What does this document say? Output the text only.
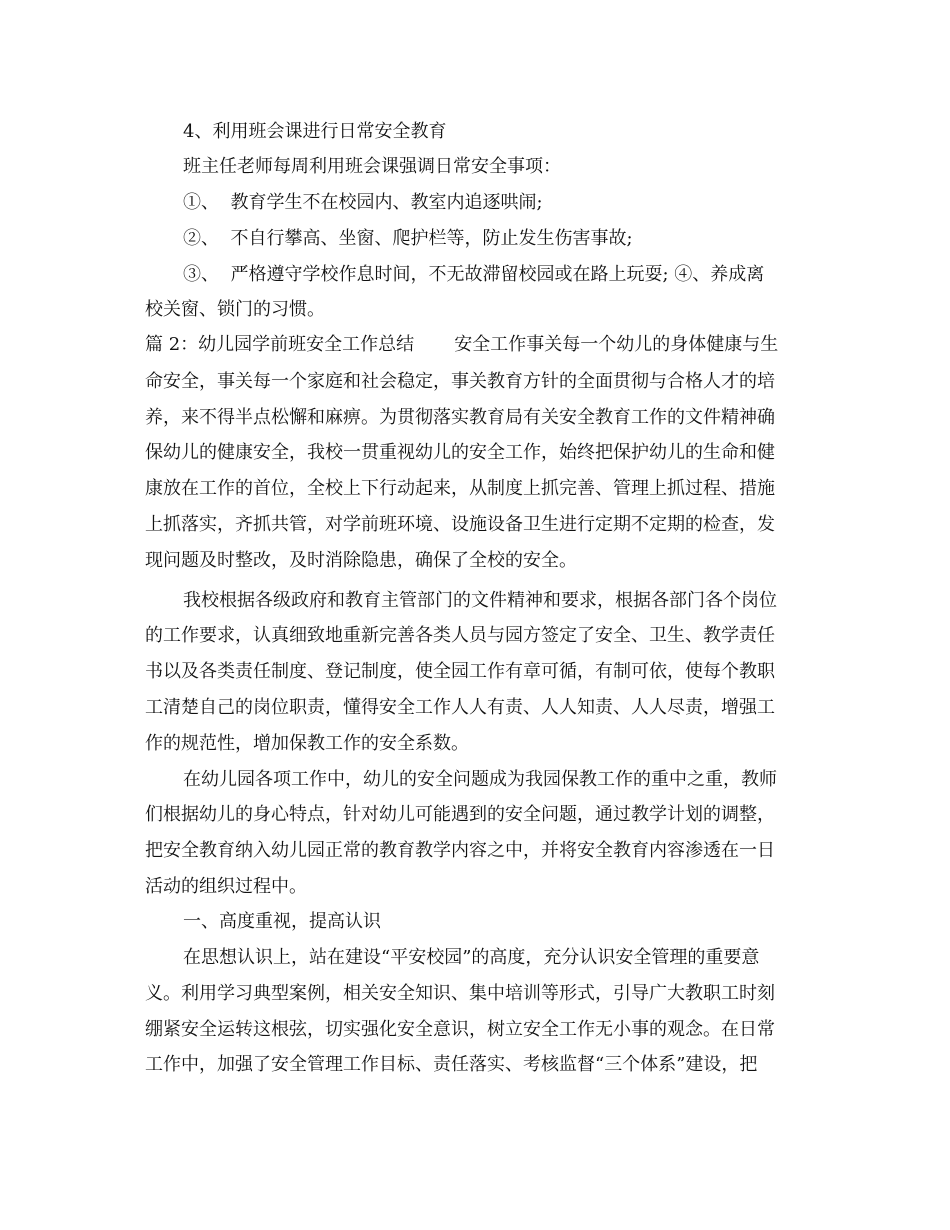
4、利用班会课进行日常安全教育
班主任老师每周利用班会课强调日常安全事项：
①、  教育学生不在校园内、教室内追逐哄闹;
②、  不自行攀高、坐窗、爬护栏等，防止发生伤害事故;
③、  严格遵守学校作息时间，不无故滞留校园或在路上玩耍; ④、养成离
校关窗、锁门的习惯。
篇 2：幼儿园学前班安全工作总结       安全工作事关每一个幼儿的身体健康与生
命安全，事关每一个家庭和社会稳定，事关教育方针的全面贯彻与合格人才的培
养，来不得半点松懈和麻痹。为贯彻落实教育局有关安全教育工作的文件精神确
保幼儿的健康安全，我校一贯重视幼儿的安全工作，始终把保护幼儿的生命和健
康放在工作的首位，全校上下行动起来，从制度上抓完善、管理上抓过程、措施
上抓落实，齐抓共管，对学前班环境、设施设备卫生进行定期不定期的检查，发
现问题及时整改，及时消除隐患，确保了全校的安全。
我校根据各级政府和教育主管部门的文件精神和要求，根据各部门各个岗位
的工作要求，认真细致地重新完善各类人员与园方签定了安全、卫生、教学责任
书以及各类责任制度、登记制度，使全园工作有章可循，有制可依，使每个教职
工清楚自己的岗位职责，懂得安全工作人人有责、人人知责、人人尽责，增强工
作的规范性，增加保教工作的安全系数。
在幼儿园各项工作中，幼儿的安全问题成为我园保教工作的重中之重，教师
们根据幼儿的身心特点，针对幼儿可能遇到的安全问题，通过教学计划的调整，
把安全教育纳入幼儿园正常的教育教学内容之中，并将安全教育内容渗透在一日
活动的组织过程中。
一、高度重视，提高认识
在思想认识上，站在建设“平安校园”的高度，充分认识安全管理的重要意
义。利用学习典型案例，相关安全知识、集中培训等形式，引导广大教职工时刻
绷紧安全运转这根弦，切实强化安全意识，树立安全工作无小事的观念。在日常
工作中，加强了安全管理工作目标、责任落实、考核监督“三个体系”建设，把
